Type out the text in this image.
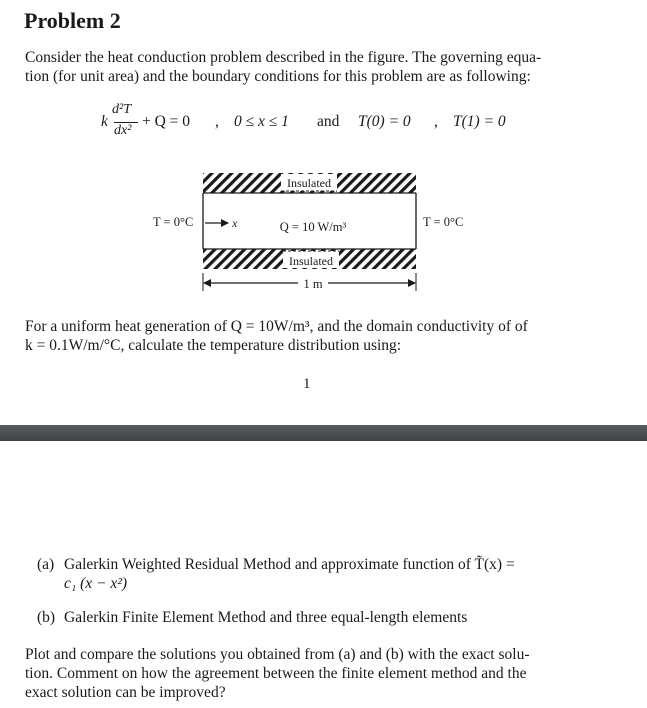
Problem 2
Consider the heat conduction problem described in the figure. The governing equa-
tion (for unit area) and the boundary conditions for this problem are as following:
k
d²T
dx²
+ Q = 0 , 0 ≤ x ≤ 1 and T(0) = 0 , T(1) = 0
Insulated
Insulated
T = 0°C	T = 0°C
x	Q = 10 W/m³
1 m
For a uniform heat generation of Q = 10W/m³, and the domain conductivity of of
k = 0.1W/m/°C, calculate the temperature distribution using:
1
(a) Galerkin Weighted Residual Method and approximate function of T̃(x) =
c₁ (x − x²)
(b) Galerkin Finite Element Method and three equal-length elements
Plot and compare the solutions you obtained from (a) and (b) with the exact solu-
tion. Comment on how the agreement between the finite element method and the
exact solution can be improved?
